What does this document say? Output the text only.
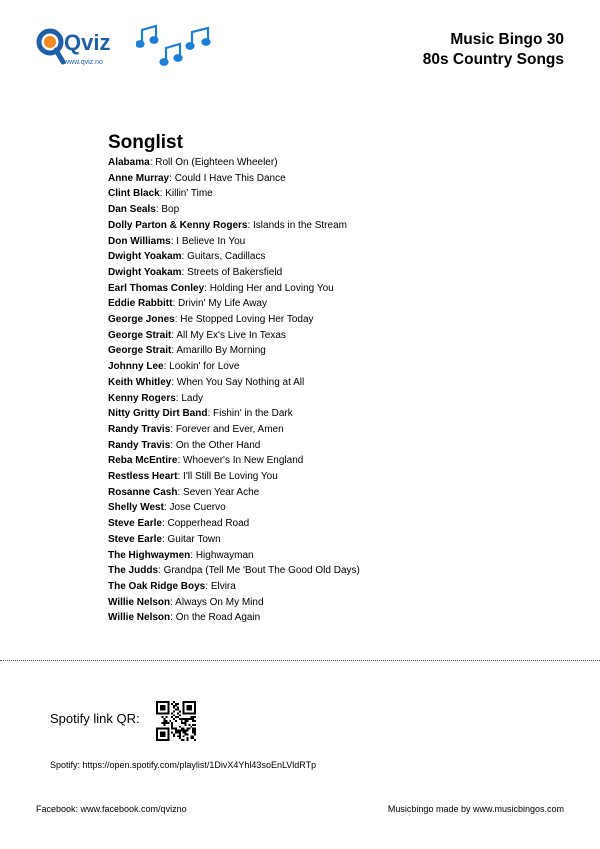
Qviz
www.qviz.no
Music Bingo 30
80s Country Songs
Songlist
Alabama: Roll On (Eighteen Wheeler)
Anne Murray: Could I Have This Dance
Clint Black: Killin' Time
Dan Seals: Bop
Dolly Parton & Kenny Rogers: Islands in the Stream
Don Williams: I Believe In You
Dwight Yoakam: Guitars, Cadillacs
Dwight Yoakam: Streets of Bakersfield
Earl Thomas Conley: Holding Her and Loving You
Eddie Rabbitt: Drivin' My Life Away
George Jones: He Stopped Loving Her Today
George Strait: All My Ex's Live In Texas
George Strait: Amarillo By Morning
Johnny Lee: Lookin' for Love
Keith Whitley: When You Say Nothing at All
Kenny Rogers: Lady
Nitty Gritty Dirt Band: Fishin' in the Dark
Randy Travis: Forever and Ever, Amen
Randy Travis: On the Other Hand
Reba McEntire: Whoever's In New England
Restless Heart: I'll Still Be Loving You
Rosanne Cash: Seven Year Ache
Shelly West: Jose Cuervo
Steve Earle: Copperhead Road
Steve Earle: Guitar Town
The Highwaymen: Highwayman
The Judds: Grandpa (Tell Me 'Bout The Good Old Days)
The Oak Ridge Boys: Elvira
Willie Nelson: Always On My Mind
Willie Nelson: On the Road Again
Spotify link QR:
Spotify: https://open.spotify.com/playlist/1DivX4Yhl43soEnLVldRTp
Facebook: www.facebook.com/qvizno	Musicbingo made by www.musicbingos.com
